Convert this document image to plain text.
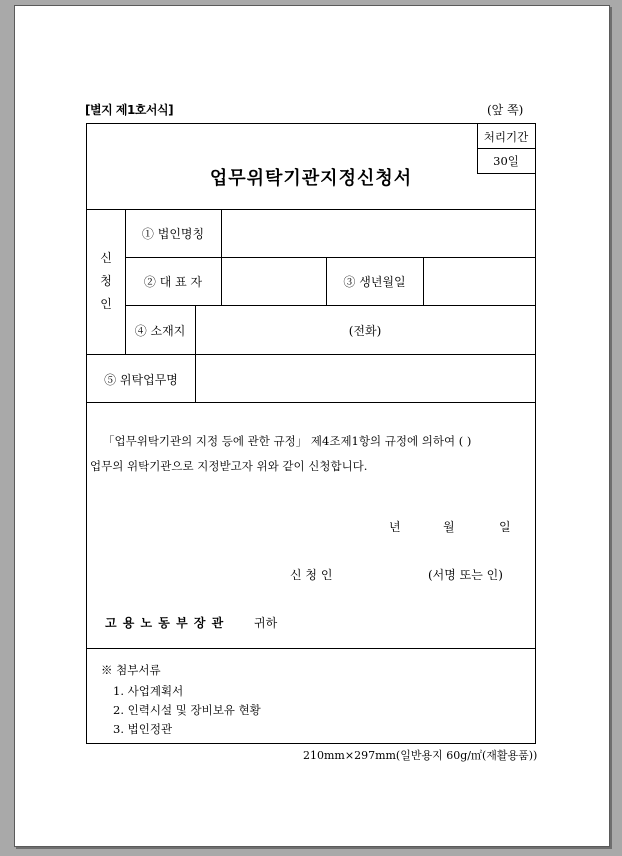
[별지 제1호서식]	(앞 쪽)
처리기간
30일
업무위탁기관지정신청서
신
청
인
① 법인명칭
② 대 표 자	③ 생년월일
④ 소재지	(전화)
⑤ 위탁업무명
「업무위탁기관의 지정 등에 관한 규정」 제4조제1항의 규정에 의하여 ( )
업무의 위탁기관으로 지정받고자 위와 같이 신청합니다.
년	월	일
신 청 인	(서명 또는 인)
고 용 노 동 부 장 관 귀하
※ 첨부서류
1. 사업계획서
2. 인력시설 및 장비보유 현황
3. 법인정관
210mm×297mm(일반용지 60g/㎡(재활용품))
